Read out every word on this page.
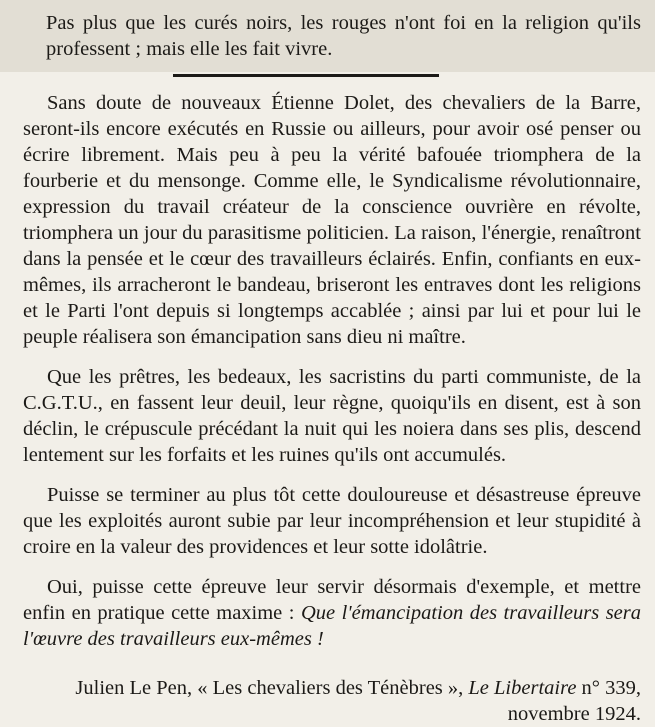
Pas plus que les curés noirs, les rouges n'ont foi en la religion qu'ils professent ; mais elle les fait vivre.

Sans doute de nouveaux Étienne Dolet, des chevaliers de la Barre, seront-ils encore exécutés en Russie ou ailleurs, pour avoir osé penser ou écrire librement. Mais peu à peu la vérité bafouée triomphera de la fourberie et du mensonge. Comme elle, le Syndicalisme révolutionnaire, expression du travail créateur de la conscience ouvrière en révolte, triomphera un jour du parasitisme politicien. La raison, l'énergie, renaîtront dans la pensée et le cœur des travailleurs éclairés. Enfin, confiants en eux-mêmes, ils arracheront le bandeau, briseront les entraves dont les religions et le Parti l'ont depuis si longtemps accablée ; ainsi par lui et pour lui le peuple réalisera son émancipation sans dieu ni maître.

Que les prêtres, les bedeaux, les sacristins du parti communiste, de la C.G.T.U., en fassent leur deuil, leur règne, quoiqu'ils en disent, est à son déclin, le crépuscule précédant la nuit qui les noiera dans ses plis, descend lentement sur les forfaits et les ruines qu'ils ont accumulés.

Puisse se terminer au plus tôt cette douloureuse et désastreuse épreuve que les exploités auront subie par leur incompréhension et leur stupidité à croire en la valeur des providences et leur sotte idolâtrie.

Oui, puisse cette épreuve leur servir désormais d'exemple, et mettre enfin en pratique cette maxime : Que l'émancipation des travailleurs sera l'œuvre des travailleurs eux-mêmes !

Julien Le Pen, « Les chevaliers des Ténèbres », Le Libertaire n° 339,
novembre 1924.
